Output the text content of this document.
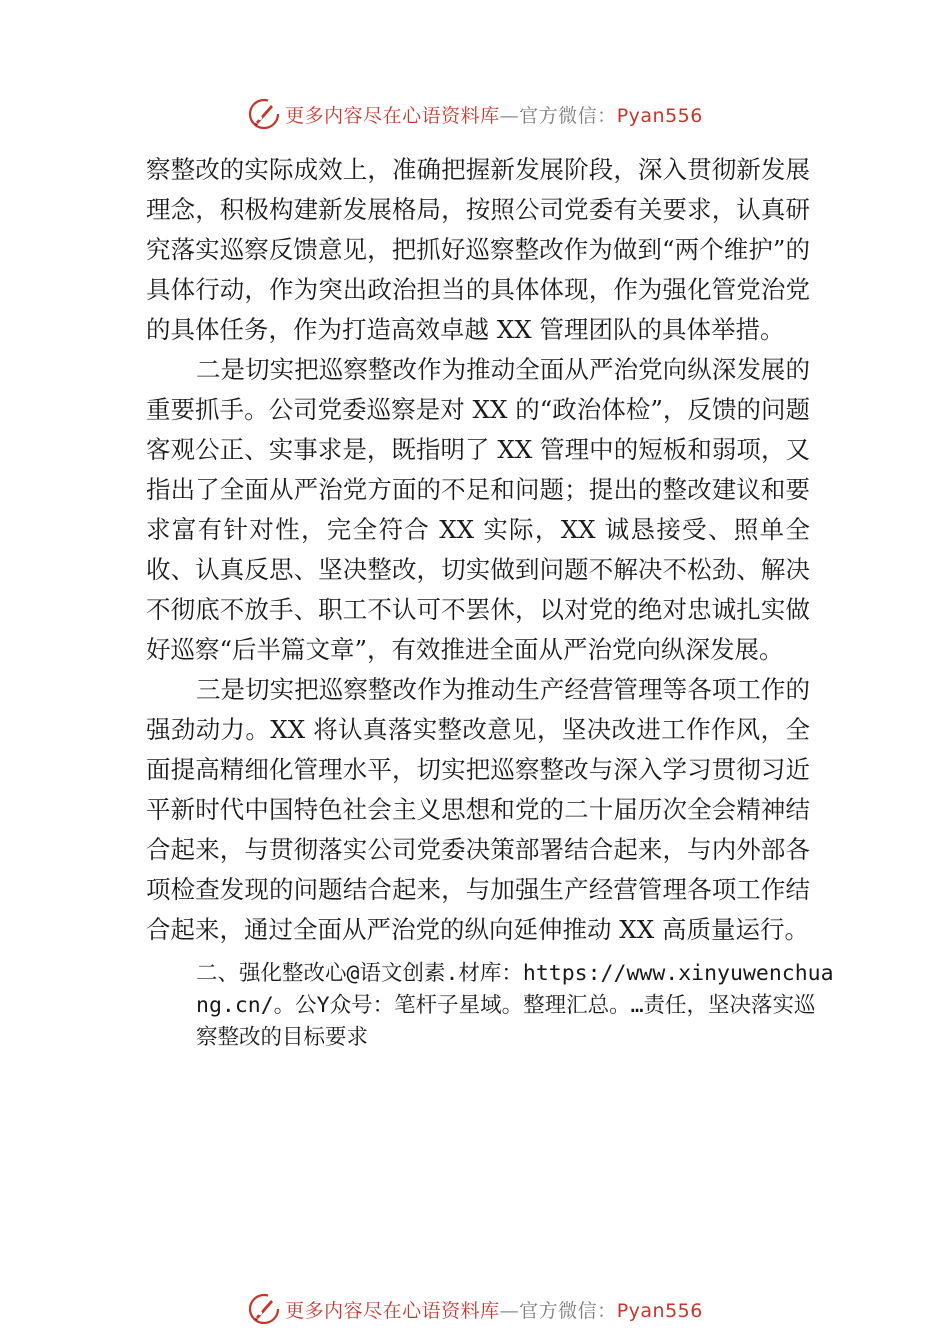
更多内容尽在心语资料库—官方微信：Pyan556

察整改的实际成效上，准确把握新发展阶段，深入贯彻新发展理念，积极构建新发展格局，按照公司党委有关要求，认真研究落实巡察反馈意见，把抓好巡察整改作为做到“两个维护”的具体行动，作为突出政治担当的具体体现，作为强化管党治党的具体任务，作为打造高效卓越 XX 管理团队的具体举措。

二是切实把巡察整改作为推动全面从严治党向纵深发展的重要抓手。公司党委巡察是对 XX 的“政治体检”，反馈的问题客观公正、实事求是，既指明了 XX 管理中的短板和弱项，又指出了全面从严治党方面的不足和问题；提出的整改建议和要求富有针对性，完全符合 XX 实际，XX 诚恳接受、照单全收、认真反思、坚决整改，切实做到问题不解决不松劲、解决不彻底不放手、职工不认可不罢休，以对党的绝对忠诚扎实做好巡察“后半篇文章”，有效推进全面从严治党向纵深发展。

三是切实把巡察整改作为推动生产经营管理等各项工作的强劲动力。XX 将认真落实整改意见，坚决改进工作作风，全面提高精细化管理水平，切实把巡察整改与深入学习贯彻习近平新时代中国特色社会主义思想和党的二十届历次全会精神结合起来，与贯彻落实公司党委决策部署结合起来，与内外部各项检查发现的问题结合起来，与加强生产经营管理各项工作结合起来，通过全面从严治党的纵向延伸推动 XX 高质量运行。

二、强化整改心@语文创素.材库：https://www.xinyuwenchuang.cn/。公Y众号：笔杆子星域。整理汇总。…责任，坚决落实巡察整改的目标要求

更多内容尽在心语资料库—官方微信：Pyan556
